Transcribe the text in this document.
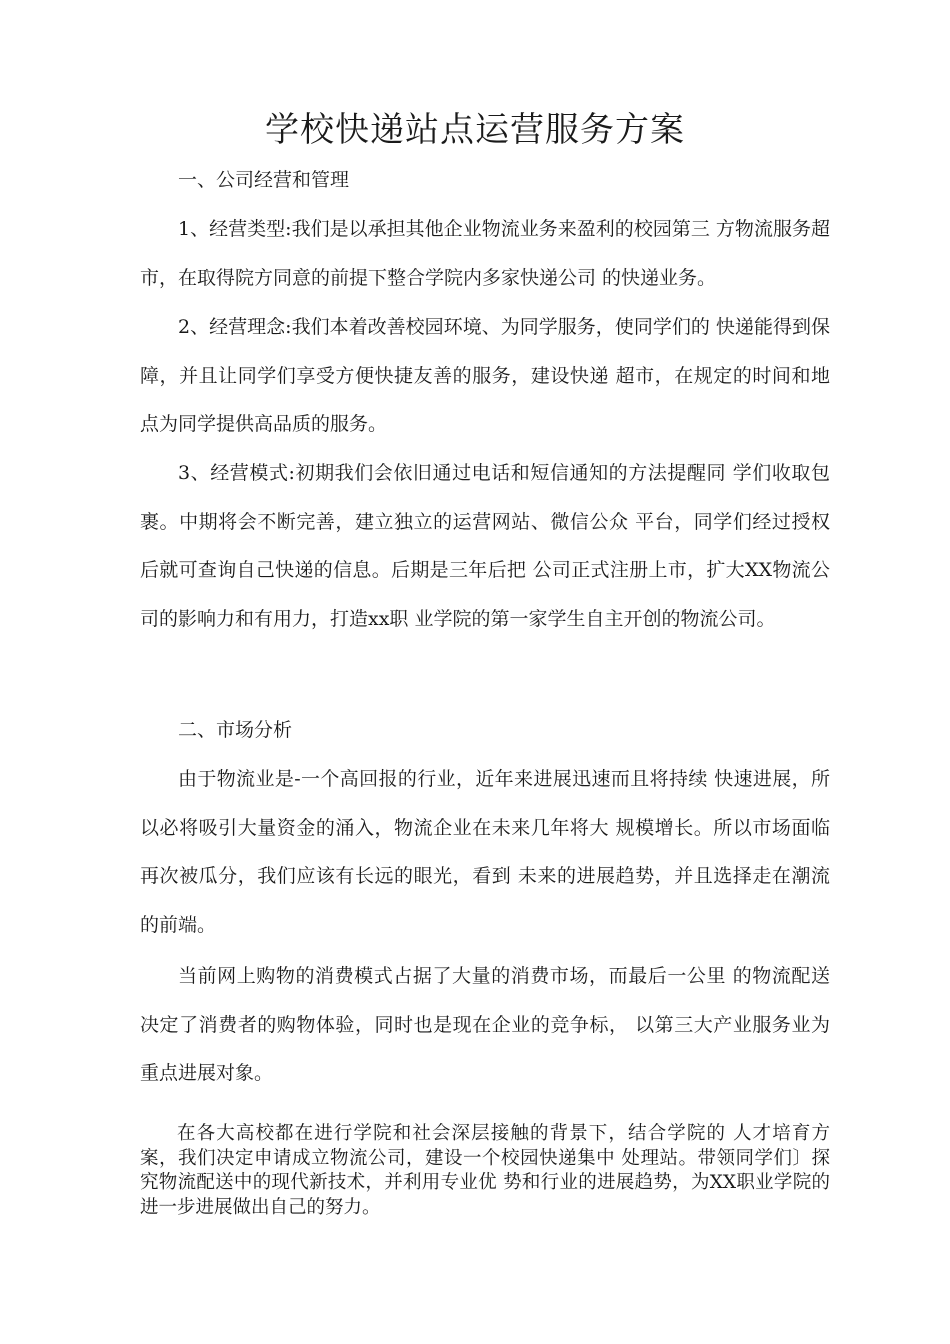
学校快递站点运营服务方案

一、公司经营和管理

1、经营类型:我们是以承担其他企业物流业务来盈利的校园第三 方物流服务超市，在取得院方同意的前提下整合学院内多家快递公司 的快递业务。

2、经营理念:我们本着改善校园环境、为同学服务，使同学们的 快递能得到保障，并且让同学们享受方便快捷友善的服务，建设快递 超市，在规定的时间和地点为同学提供高品质的服务。

3、经营模式:初期我们会依旧通过电话和短信通知的方法提醒同 学们收取包裹。中期将会不断完善，建立独立的运营网站、微信公众 平台，同学们经过授权后就可查询自己快递的信息。后期是三年后把 公司正式注册上市，扩大XX物流公司的影响力和有用力，打造xx职 业学院的第一家学生自主开创的物流公司。

二、市场分析

由于物流业是-一个高回报的行业，近年来进展迅速而且将持续 快速进展，所以必将吸引大量资金的涌入，物流企业在未来几年将大 规模增长。所以市场面临再次被瓜分，我们应该有长远的眼光，看到 未来的进展趋势，并且选择走在潮流的前端。

当前网上购物的消费模式占据了大量的消费市场，而最后一公里 的物流配送决定了消费者的购物体验，同时也是现在企业的竞争标， 以第三大产业服务业为重点进展对象。

在各大高校都在进行学院和社会深层接触的背景下，结合学院的 人才培育方案，我们决定申请成立物流公司，建设一个校园快递集中 处理站。带领同学们〕探究物流配送中的现代新技术，并利用专业优 势和行业的进展趋势，为XX职业学院的进一步进展做出自己的努力。
